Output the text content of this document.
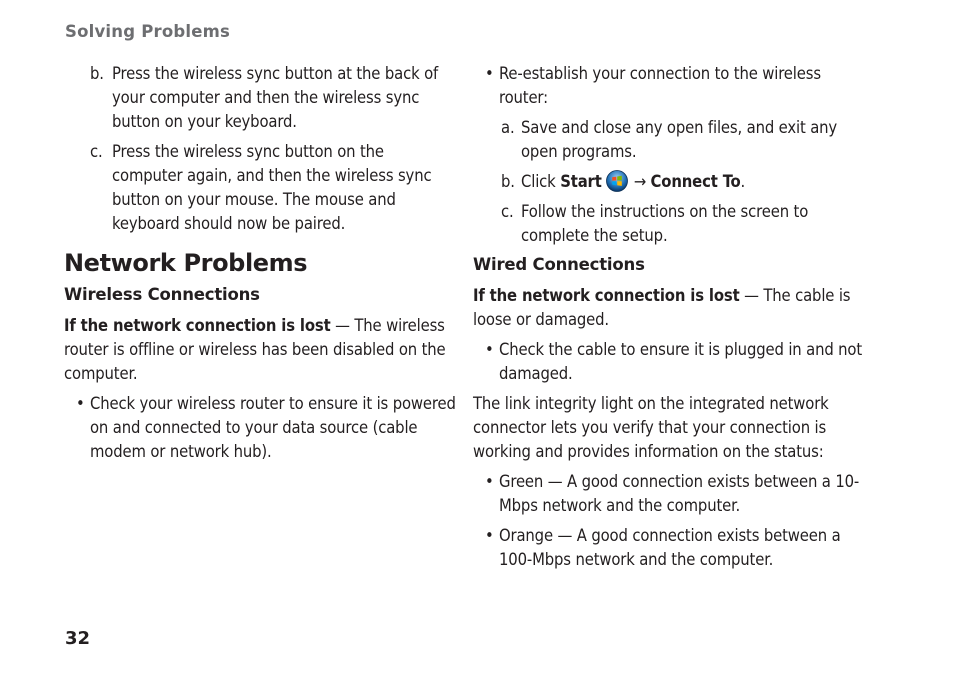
Solving Problems

b. Press the wireless sync button at the back of your computer and then the wireless sync button on your keyboard.

c. Press the wireless sync button on the computer again, and then the wireless sync button on your mouse. The mouse and keyboard should now be paired.

Network Problems
Wireless Connections

If the network connection is lost — The wireless router is offline or wireless has been disabled on the computer.

• Check your wireless router to ensure it is powered on and connected to your data source (cable modem or network hub).

• Re-establish your connection to the wireless router:

a. Save and close any open files, and exit any open programs.

b. Click Start → Connect To.

c. Follow the instructions on the screen to complete the setup.

Wired Connections

If the network connection is lost — The cable is loose or damaged.

• Check the cable to ensure it is plugged in and not damaged.

The link integrity light on the integrated network connector lets you verify that your connection is working and provides information on the status:

• Green — A good connection exists between a 10-Mbps network and the computer.

• Orange — A good connection exists between a 100-Mbps network and the computer.

32
